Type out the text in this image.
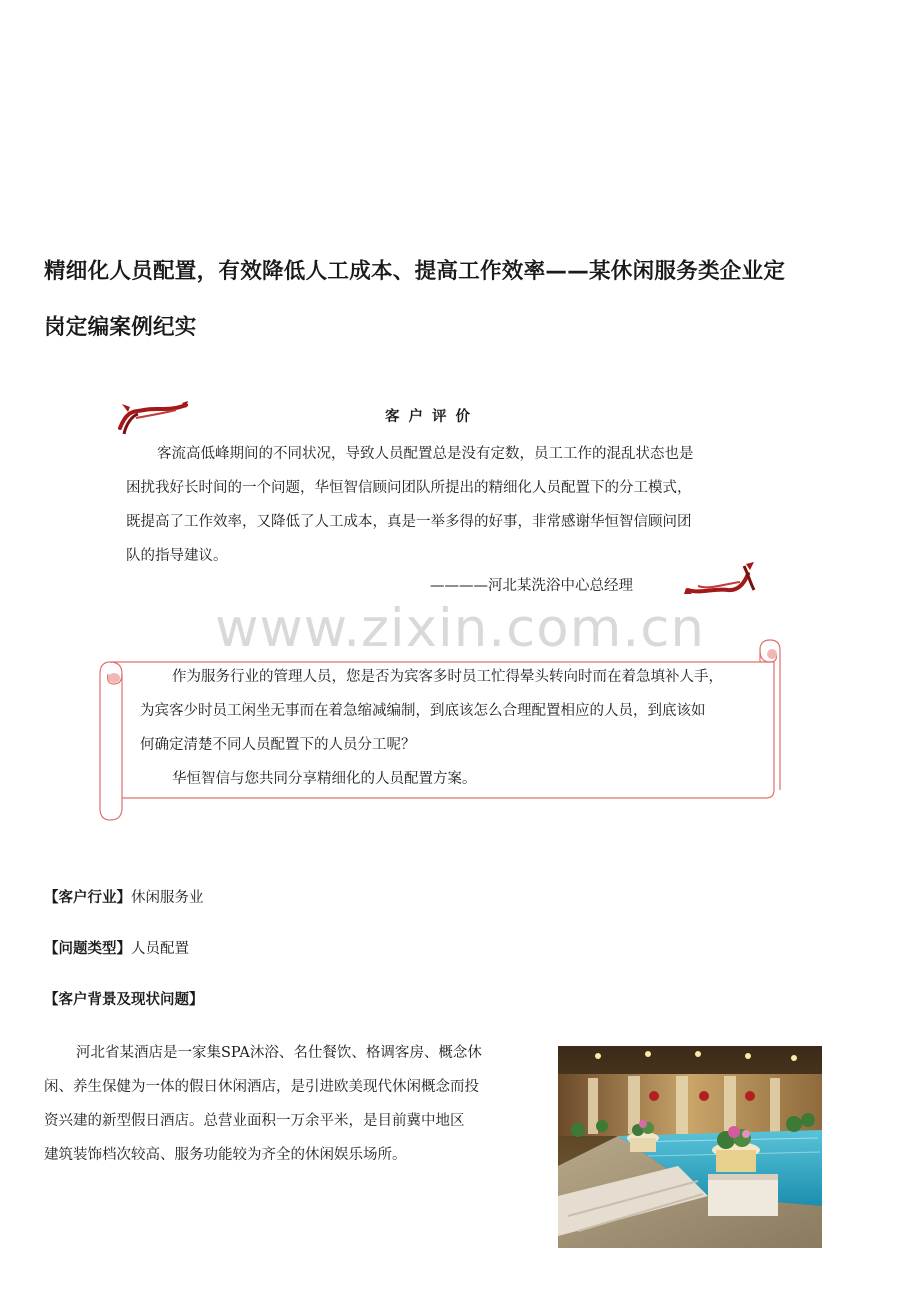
精细化人员配置，有效降低人工成本、提高工作效率——某休闲服务类企业定
岗定编案例纪实
客户评价
客流高低峰期间的不同状况，导致人员配置总是没有定数，员工工作的混乱状态也是
困扰我好长时间的一个问题，华恒智信顾问团队所提出的精细化人员配置下的分工模式，
既提高了工作效率，又降低了人工成本，真是一举多得的好事，非常感谢华恒智信顾问团
队的指导建议。
————河北某洗浴中心总经理
www.zixin.com.cn
作为服务行业的管理人员，您是否为宾客多时员工忙得晕头转向时而在着急填补人手，
为宾客少时员工闲坐无事而在着急缩减编制，到底该怎么合理配置相应的人员，到底该如
何确定清楚不同人员配置下的人员分工呢？
华恒智信与您共同分享精细化的人员配置方案。
【客户行业】休闲服务业
【问题类型】人员配置
【客户背景及现状问题】
河北省某酒店是一家集SPA沐浴、名仕餐饮、格调客房、概念休
闲、养生保健为一体的假日休闲酒店，是引进欧美现代休闲概念而投
资兴建的新型假日酒店。总营业面积一万余平米，是目前冀中地区
建筑装饰档次较高、服务功能较为齐全的休闲娱乐场所。
